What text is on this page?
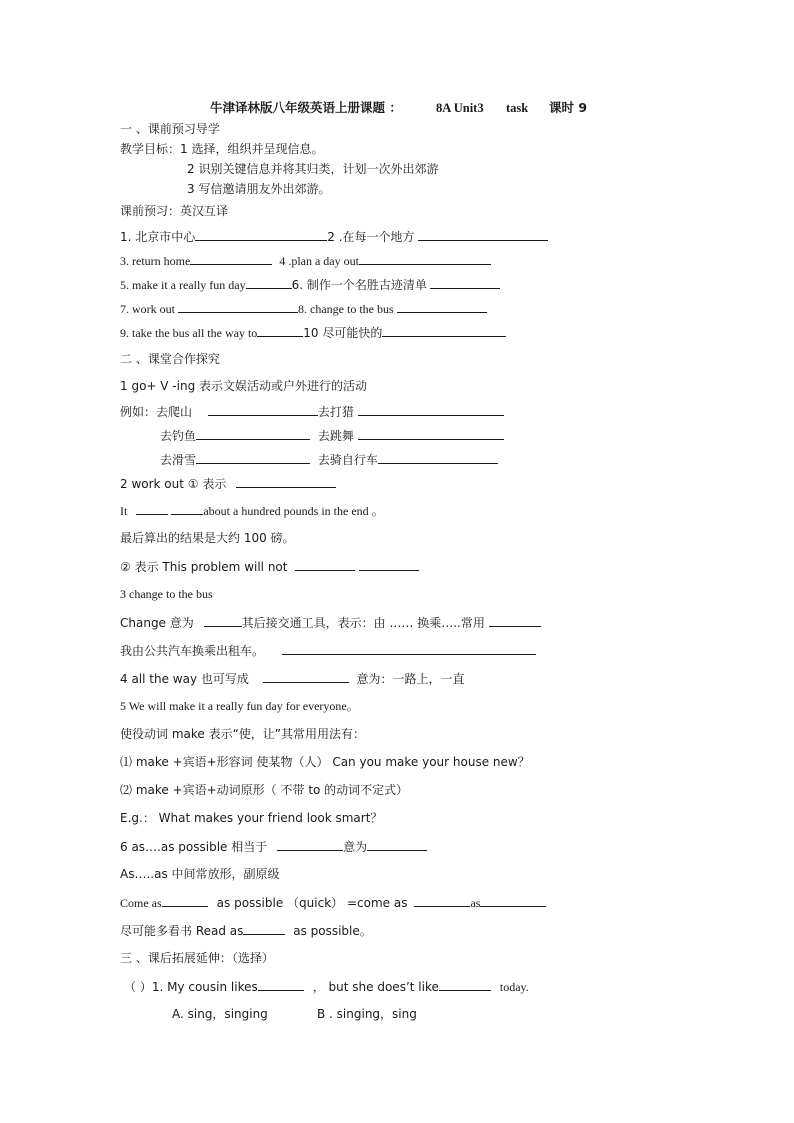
牛津译林版八年级英语上册课题 ：	8A Unit3 task 课时 9
一 、课前预习导学
教学目标：1 选择，组织并呈现信息。
2 识别关键信息并将其归类，计划一次外出郊游
3 写信邀请朋友外出郊游。
课前预习：英汉互译
1. 北京市中心	2 .在每一个地方
3. return home	4 .plan a day out
5. make it a really fun day	6. 制作一个名胜古迹清单
7. work out	8. change to the bus
9. take the bus all the way to	10 尽可能快的
二 、课堂合作探究
1 go+ V -ing 表示文娱活动或户外进行的活动
例如：去爬山	去打猎
去钓鱼	去跳舞
去滑雪	去骑自行车
2 work out ① 表示
It	about a hundred pounds in the end 。
最后算出的结果是大约 100 磅。
② 表示 This problem will not
3 change to the bus
Change 意为	其后接交通工具，表示：由 …… 换乘…..常用
我由公共汽车换乘出租车。
4 all the way 也可写成	意为：一路上，一直
5 We will make it a really fun day for everyone。
使役动词 make 表示“使，让”其常用用法有：
⑴ make +宾语+形容词 使某物（人） Can you make your house new？
⑵ make +宾语+动词原形（ 不带 to 的动词不定式）
E.g.： What makes your friend look smart？
6 as….as possible 相当于	意为
As…..as 中间常放形，副原级
Come as	as possible （quick） =come as	as
尽可能多看书 Read as	as possible。
三 、课后拓展延伸：（选择）
（ ）1. My cousin likes	， but she does’t like	today.
A. sing，singing	B . singing，sing
